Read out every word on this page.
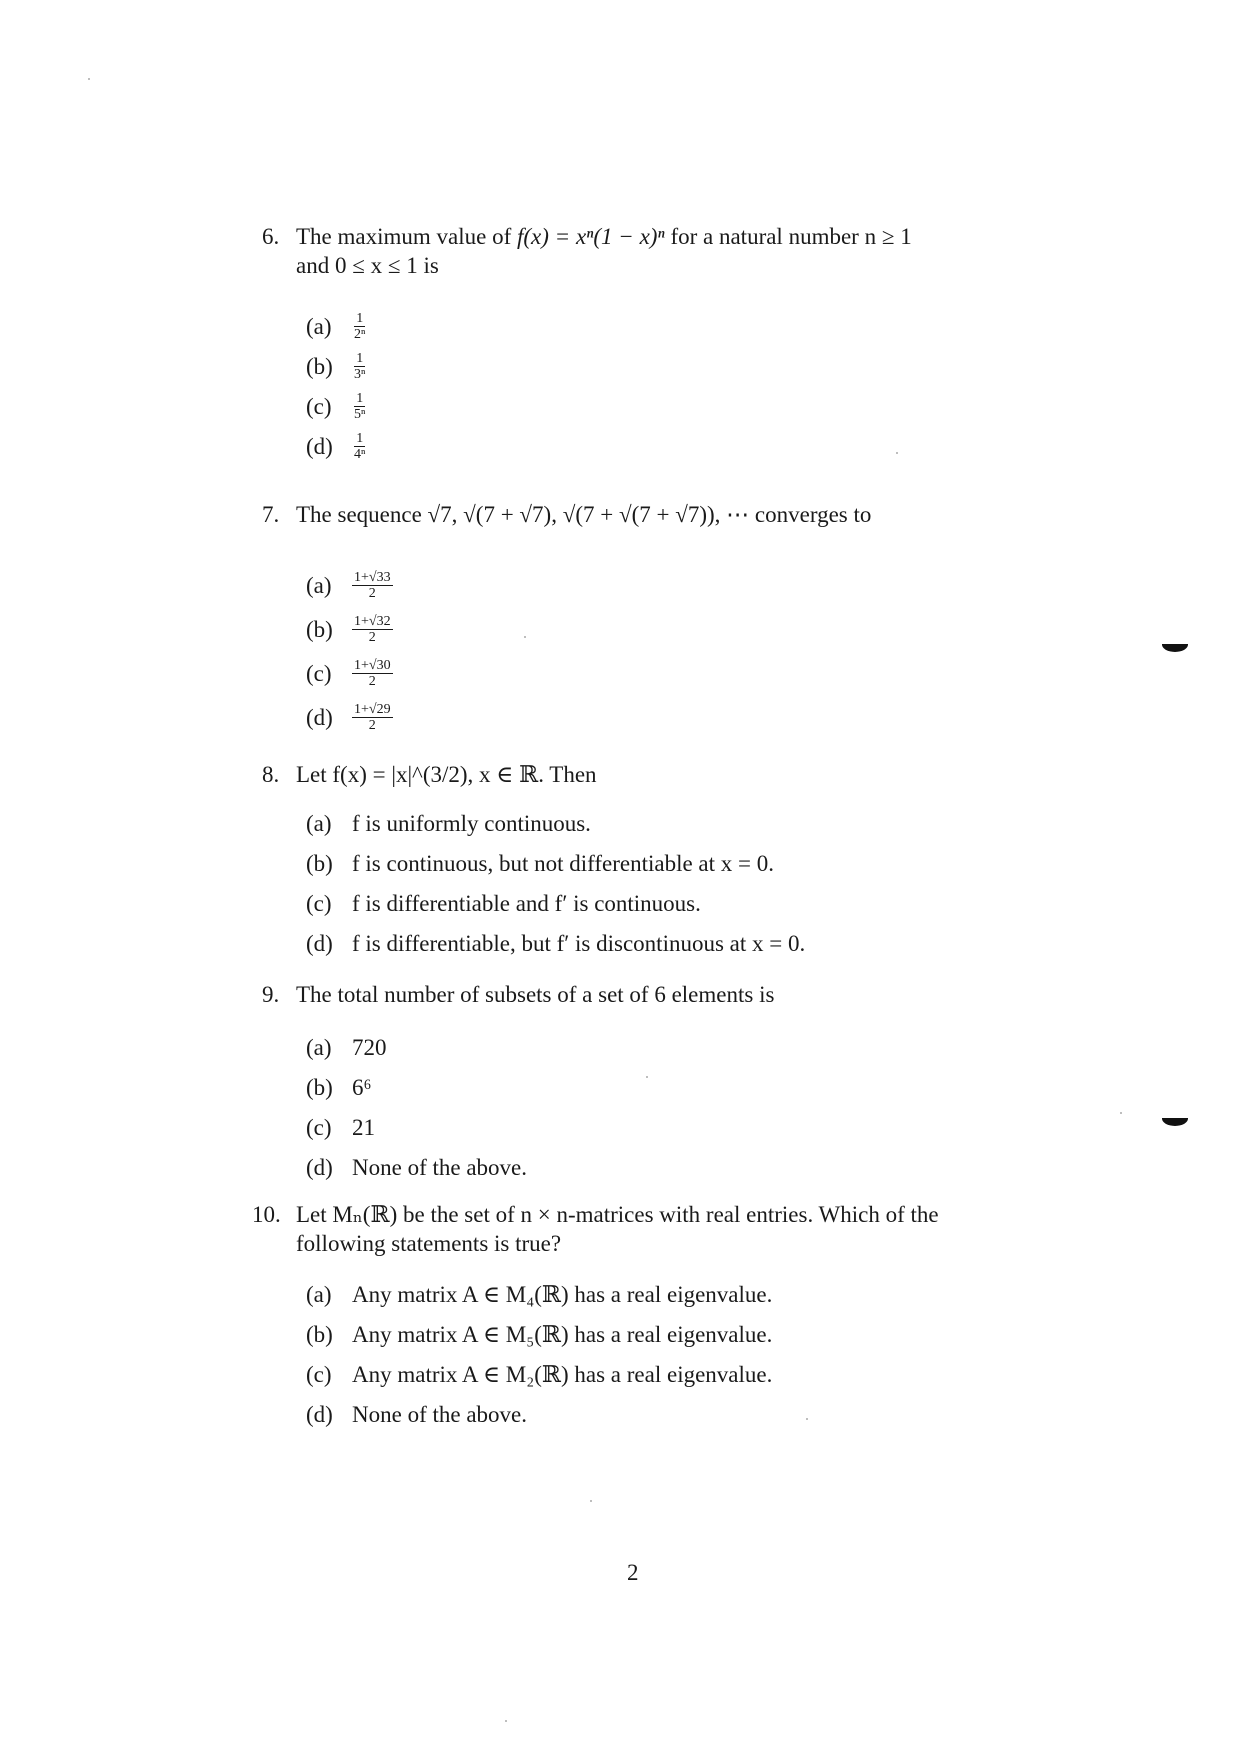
6. The maximum value of f(x) = xⁿ(1 − x)ⁿ for a natural number n ≥ 1
and 0 ≤ x ≤ 1 is
(a)	$\frac{1}{\text{2ⁿ}}$
(b)	$\frac{1}{\text{3ⁿ}}$
(c)	$\frac{1}{\text{5ⁿ}}$
(d)	$\frac{1}{\text{4ⁿ}}$
7. The sequence √7, √(7 + √7), √(7 + √(7 + √7)), ⋯ converges to
(a)	$\frac{1+√33}{2}$
(b)	$\frac{1+√32}{2}$
(c)	$\frac{1+√30}{2}$
(d)	$\frac{1+√29}{2}$
8. Let f(x) = |x|^(3/2), x ∈ ℝ. Then
(a) f is uniformly continuous.
(b) f is continuous, but not differentiable at x = 0.
(c) f is differentiable and f′ is continuous.
(d) f is differentiable, but f′ is discontinuous at x = 0.
9. The total number of subsets of a set of 6 elements is
(a) 720
(b) 6⁶
(c) 21
(d) None of the above.
10. Let Mₙ(ℝ) be the set of n × n-matrices with real entries. Which of the
following statements is true?
(a) Any matrix A ∈ M₄(ℝ) has a real eigenvalue.
(b) Any matrix A ∈ M₅(ℝ) has a real eigenvalue.
(c) Any matrix A ∈ M₂(ℝ) has a real eigenvalue.
(d) None of the above.
2
